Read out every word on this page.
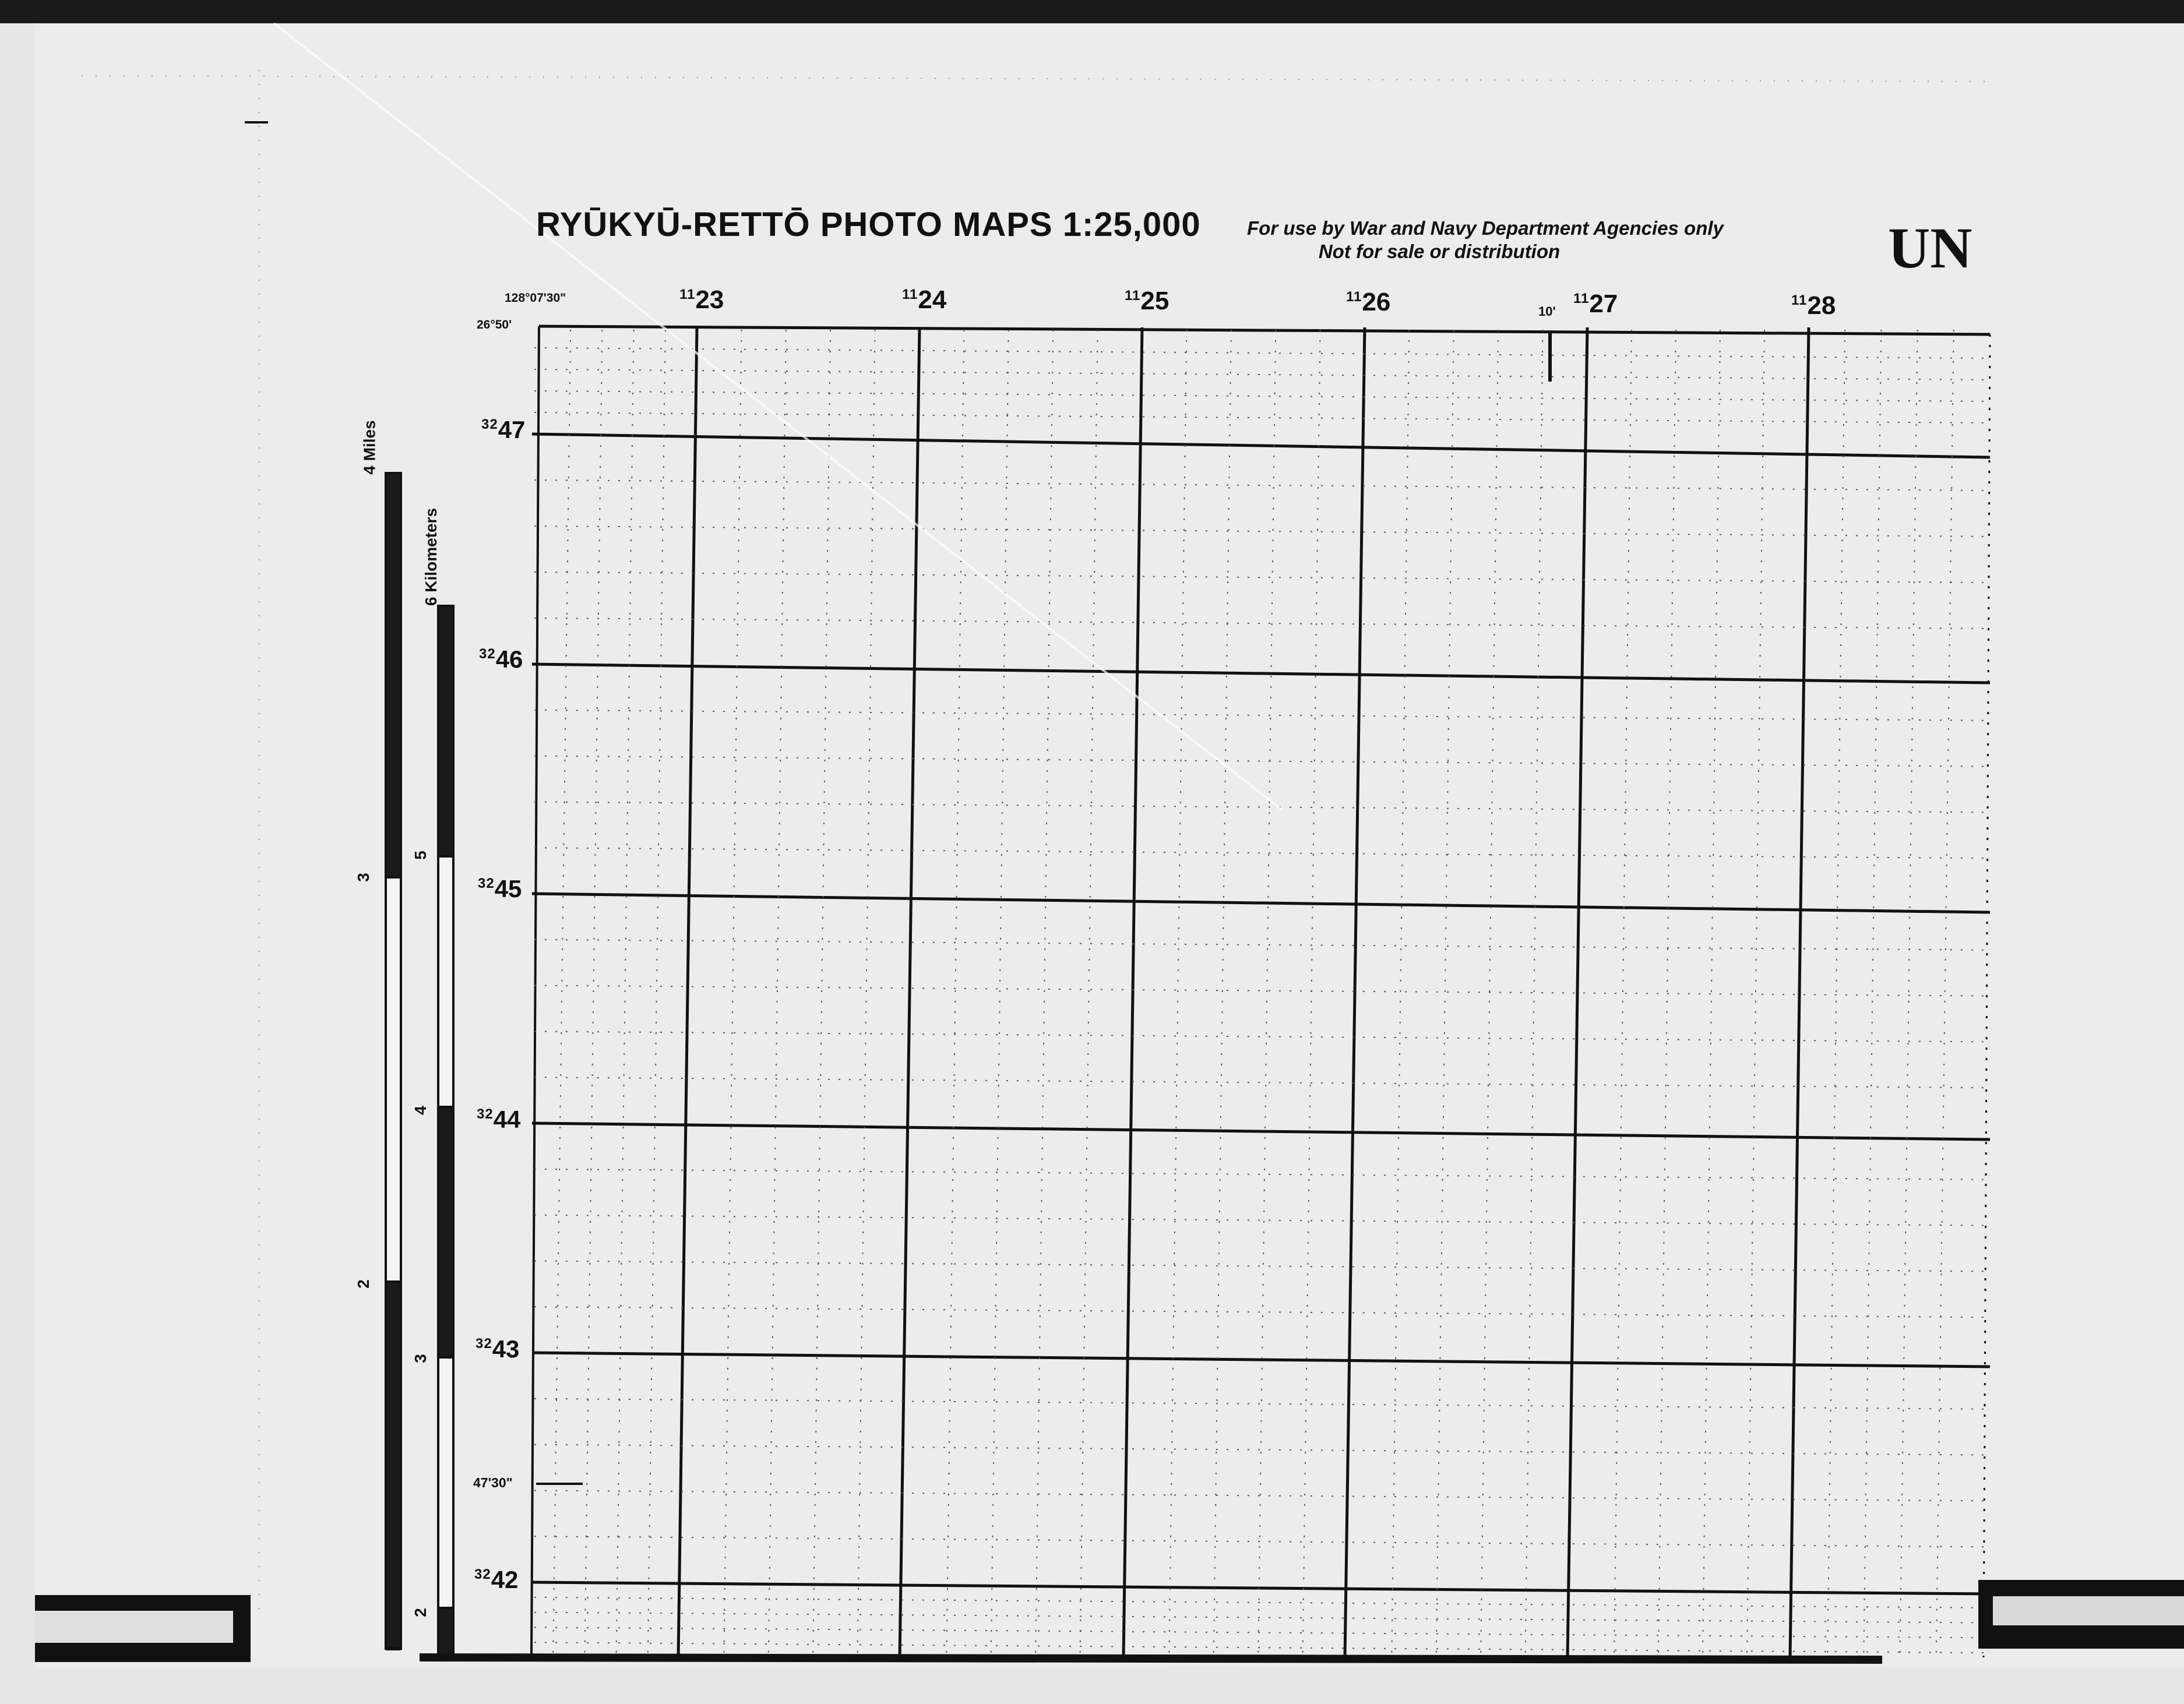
RYŪKYŪ-RETTŌ PHOTO MAPS 1:25,000 For use by War and Navy Department Agencies only
Not for sale or distribution	UN
128°07'30"
26°50'
10'
47'30"
$^{11}$23	$^{11}$24	$^{11}$25	$^{11}$26	$^{11}$27	$^{11}$28
$^{32}$47
$^{32}$46
$^{32}$45
$^{32}$44
$^{32}$43
$^{32}$42
4 Miles
6 Kilometers
3
2
5
4
3
2
